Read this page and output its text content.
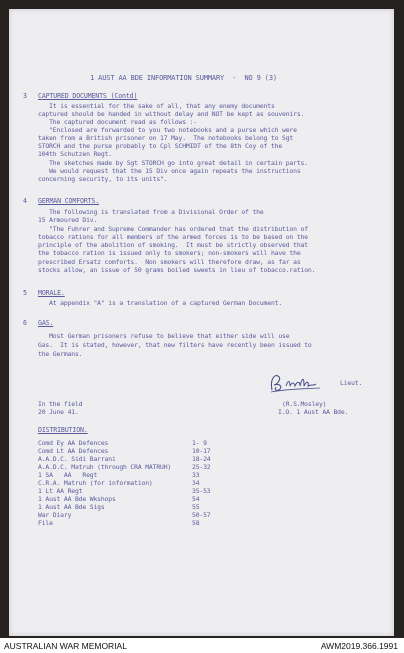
1 AUST AA BDE INFORMATION SUMMARY  -  NO 9 (3)
3 CAPTURED DOCUMENTS (Contd)
It is essential for the sake of all, that any enemy documents
captured should be handed in without delay and NOT be kept as souvenirs.
The captured document read as follows :-
"Enclosed are forwarded to you two notebooks and a purse which were
taken from a British prisoner on 17 May.  The notebooks belong to Sgt
STORCH and the purse probably to Cpl SCHMIDT of the 8th Coy of the
104th Schutzen Regt.
The sketches made by Sgt STORCH go into great detail in certain parts.
We would request that the 15 Div once again repeats the instructions
concerning security, to its units".
4 GERMAN COMFORTS.
The following is translated from a Divisional Order of the
15 Armoured Div.
"The Fuhrer and Supreme Commander has ordered that the distribution of
tobacco rations for all members of the armed forces is to be based on the
principle of the abolition of smoking.  It must be strictly observed that
the tobacco ration is issued only to smokers; non-smokers will have the
prescribed Ersatz comforts.  Non smokers will therefore draw, as far as
stocks allow, an issue of 50 grams boiled sweets in lieu of tobacco.ration.
5 MORALE.
At appendix "A" is a translation of a captured German Document.
6 GAS.
Most German prisoners refuse to believe that either side will use
Gas.  It is stated, however, that new filters have recently been issued to
the Germans.
Lieut.
(R.S.Mosley)
I.O. 1 Aust AA Bde.
In the field
20 June 41.
DISTRIBUTION.
Comd Ey AA Defences	1- 9
Comd Lt AA Defences	10-17
A.A.D.C. Sidi Barrani	18-24
A.A.D.C. Matruh (through CRA MATRUH)	25-32
1 SA   AA   Regt	33
C.R.A. Matruh (for information)	34
1 Lt AA Regt	35-53
1 Aust AA Bde Wkshops	54
1 Aust AA Bde Sigs	55
War Diary	50-57
File	58
AUSTRALIAN WAR MEMORIAL	AWM2019.366.1991
